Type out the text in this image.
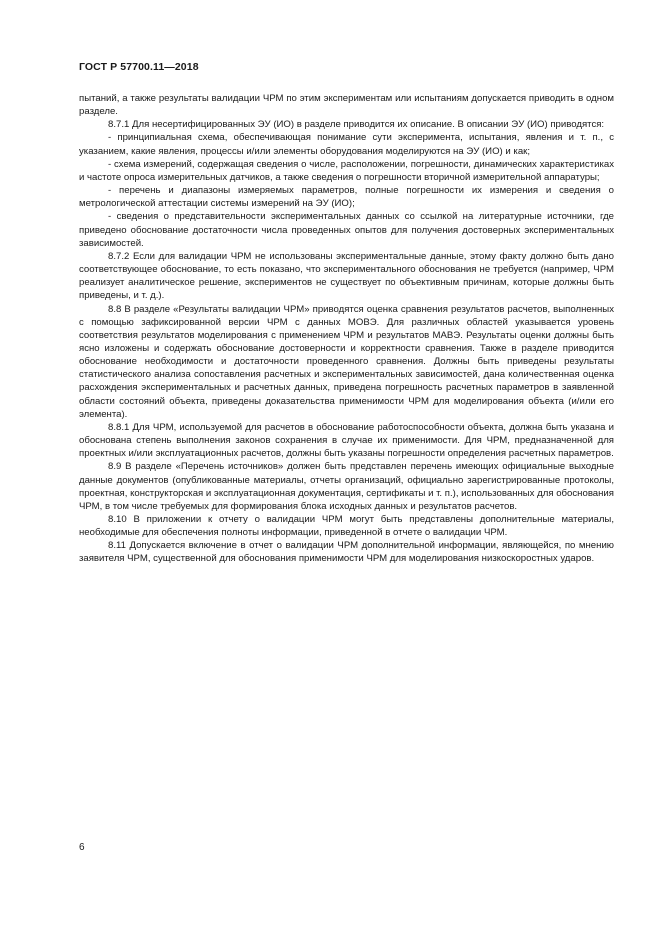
ГОСТ Р 57700.11—2018

пытаний, а также результаты валидации ЧРМ по этим экспериментам или испытаниям допускается приводить в одном разделе.

8.7.1 Для несертифицированных ЭУ (ИО) в разделе приводится их описание. В описании ЭУ (ИО) приводятся:

- принципиальная схема, обеспечивающая понимание сути эксперимента, испытания, явления и т. п., с указанием, какие явления, процессы и/или элементы оборудования моделируются на ЭУ (ИО) и как;

- схема измерений, содержащая сведения о числе, расположении, погрешности, динамических характеристиках и частоте опроса измерительных датчиков, а также сведения о погрешности вторичной измерительной аппаратуры;

- перечень и диапазоны измеряемых параметров, полные погрешности их измерения и сведения о метрологической аттестации системы измерений на ЭУ (ИО);

- сведения о представительности экспериментальных данных со ссылкой на литературные источники, где приведено обоснование достаточности числа проведенных опытов для получения достоверных экспериментальных зависимостей.

8.7.2 Если для валидации ЧРМ не использованы экспериментальные данные, этому факту должно быть дано соответствующее обоснование, то есть показано, что экспериментального обоснования не требуется (например, ЧРМ реализует аналитическое решение, экспериментов не существует по объективным причинам, которые должны быть приведены, и т. д.).

8.8 В разделе «Результаты валидации ЧРМ» приводятся оценка сравнения результатов расчетов, выполненных с помощью зафиксированной версии ЧРМ с данных МОВЭ. Для различных областей указывается уровень соответствия результатов моделирования с применением ЧРМ и результатов МАВЭ. Результаты оценки должны быть ясно изложены и содержать обоснование достоверности и корректности сравнения. Также в разделе приводится обоснование необходимости и достаточности проведенного сравнения. Должны быть приведены результаты статистического анализа сопоставления расчетных и экспериментальных зависимостей, дана количественная оценка расхождения экспериментальных и расчетных данных, приведена погрешность расчетных параметров в заявленной области состояний объекта, приведены доказательства применимости ЧРМ для моделирования объекта (и/или его элемента).

8.8.1 Для ЧРМ, используемой для расчетов в обоснование работоспособности объекта, должна быть указана и обоснована степень выполнения законов сохранения в случае их применимости. Для ЧРМ, предназначенной для проектных и/или эксплуатационных расчетов, должны быть указаны погрешности определения расчетных параметров.

8.9 В разделе «Перечень источников» должен быть представлен перечень имеющих официальные выходные данные документов (опубликованные материалы, отчеты организаций, официально зарегистрированные протоколы, проектная, конструкторская и эксплуатационная документация, сертификаты и т. п.), использованных для обоснования ЧРМ, в том числе требуемых для формирования блока исходных данных и результатов расчетов.

8.10 В приложении к отчету о валидации ЧРМ могут быть представлены дополнительные материалы, необходимые для обеспечения полноты информации, приведенной в отчете о валидации ЧРМ.

8.11 Допускается включение в отчет о валидации ЧРМ дополнительной информации, являющейся, по мнению заявителя ЧРМ, существенной для обоснования применимости ЧРМ для моделирования низкоскоростных ударов.

6
